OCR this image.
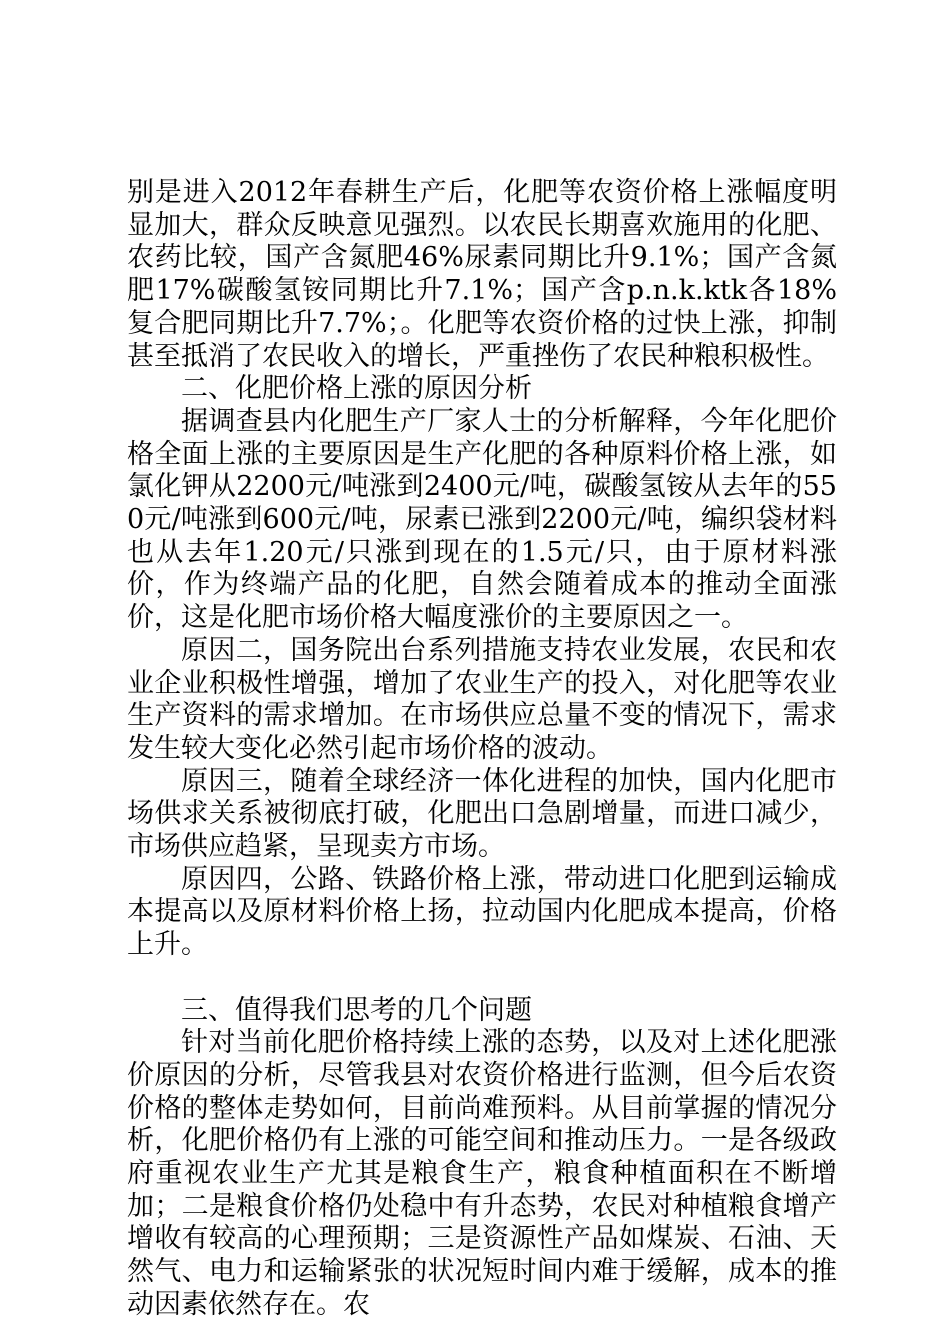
别是进入2012年春耕生产后，化肥等农资价格上涨幅度明显加大，群众反映意见强烈。以农民长期喜欢施用的化肥、农药比较，国产含氮肥46%尿素同期比升9.1%；国产含氮肥17%碳酸氢铵同期比升7.1%；国产含p.n.k.ktk各18%复合肥同期比升7.7%；。化肥等农资价格的过快上涨，抑制甚至抵消了农民收入的增长，严重挫伤了农民种粮积极性。

二、化肥价格上涨的原因分析

据调查县内化肥生产厂家人士的分析解释，今年化肥价格全面上涨的主要原因是生产化肥的各种原料价格上涨，如氯化钾从2200元/吨涨到2400元/吨，碳酸氢铵从去年的550元/吨涨到600元/吨，尿素已涨到2200元/吨，编织袋材料也从去年1.20元/只涨到现在的1.5元/只，由于原材料涨价，作为终端产品的化肥，自然会随着成本的推动全面涨价，这是化肥市场价格大幅度涨价的主要原因之一。

原因二，国务院出台系列措施支持农业发展，农民和农业企业积极性增强，增加了农业生产的投入，对化肥等农业生产资料的需求增加。在市场供应总量不变的情况下，需求发生较大变化必然引起市场价格的波动。

原因三，随着全球经济一体化进程的加快，国内化肥市场供求关系被彻底打破，化肥出口急剧增量，而进口减少，市场供应趋紧，呈现卖方市场。

原因四，公路、铁路价格上涨，带动进口化肥到运输成本提高以及原材料价格上扬，拉动国内化肥成本提高，价格上升。

三、值得我们思考的几个问题

针对当前化肥价格持续上涨的态势，以及对上述化肥涨价原因的分析，尽管我县对农资价格进行监测，但今后农资价格的整体走势如何，目前尚难预料。从目前掌握的情况分析，化肥价格仍有上涨的可能空间和推动压力。一是各级政府重视农业生产尤其是粮食生产，粮食种植面积在不断增加；二是粮食价格仍处稳中有升态势，农民对种植粮食增产增收有较高的心理预期；三是资源性产品如煤炭、石油、天然气、电力和运输紧张的状况短时间内难于缓解，成本的推动因素依然存在。农
